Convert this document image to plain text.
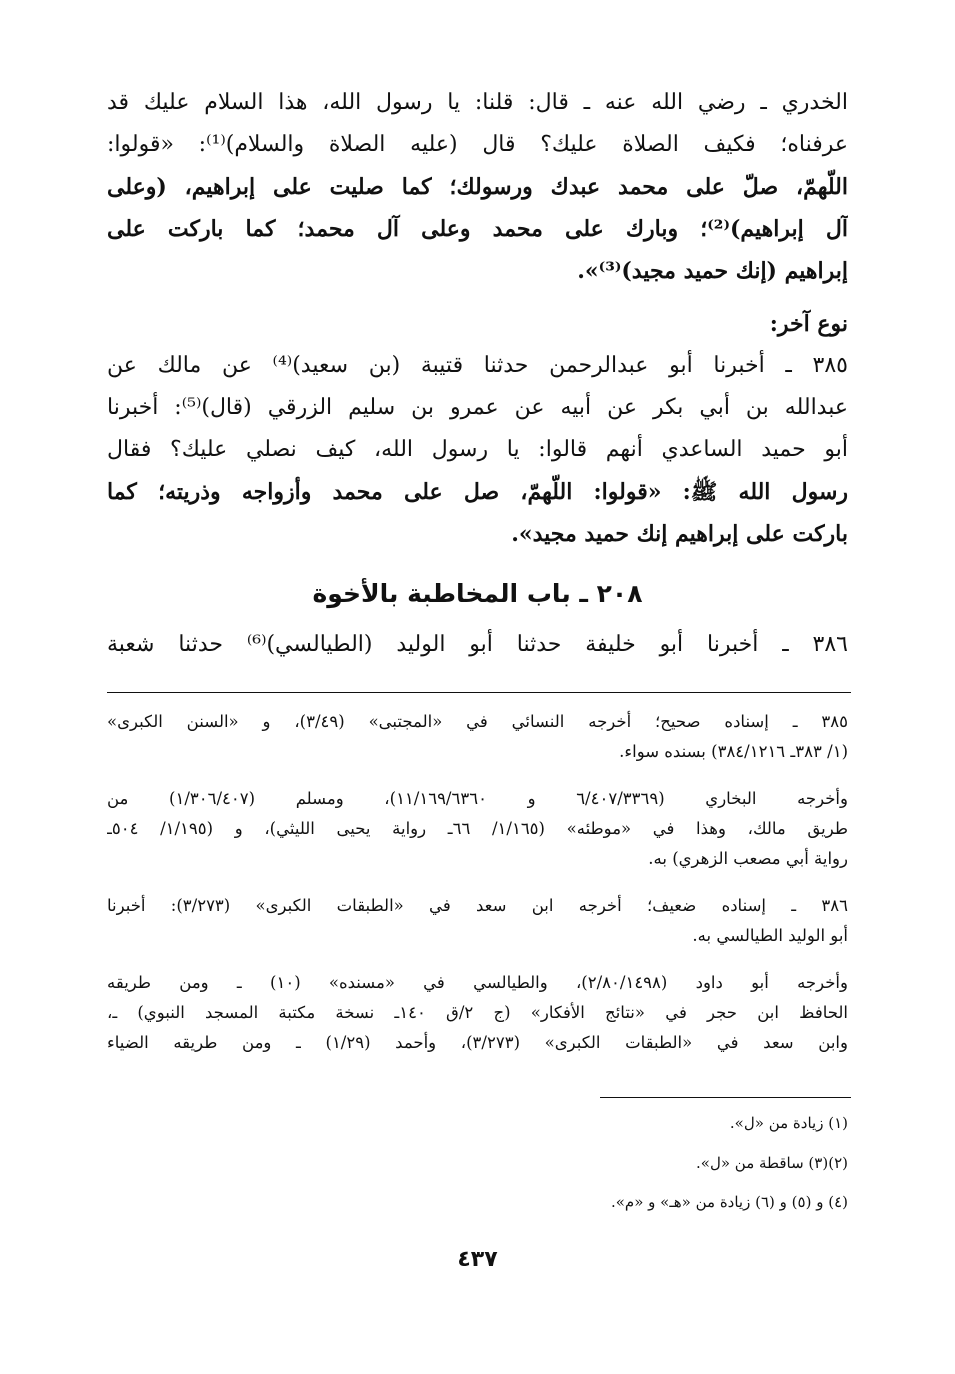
الخدري ـ رضي الله عنه ـ قال: قلنا: يا رسول الله، هذا السلام عليك قد
عرفناه؛ فكيف الصلاة عليك؟ قال (عليه الصلاة والسلام)⁽¹⁾: «قولوا:
اللّهمّ، صلّ على محمد عبدك ورسولك؛ كما صليت على إبراهيم، (وعلى
آل إبراهيم)⁽²⁾؛ وبارك على محمد وعلى آل محمد؛ كما باركت على
إبراهيم (إنك حميد مجيد)⁽³⁾».
نوع آخر:
٣٨٥ ـ أخبرنا أبو عبدالرحمن حدثنا قتيبة (بن سعيد)⁽⁴⁾ عن مالك عن
عبدالله بن أبي بكر عن أبيه عن عمرو بن سليم الزرقي (قال)⁽⁵⁾: أخبرنا
أبو حميد الساعدي أنهم قالوا: يا رسول الله، كيف نصلي عليك؟ فقال
رسول الله ﷺ: «قولوا: اللّهمّ، صل على محمد وأزواجه وذريته؛ كما
باركت على إبراهيم إنك حميد مجيد».
٢٠٨ ـ باب المخاطبة بالأخوة
٣٨٦ ـ أخبرنا أبو خليفة حدثنا أبو الوليد (الطيالسي)⁽⁶⁾ حدثنا شعبة
٣٨٥ ـ إسناده صحيح؛ أخرجه النسائي في «المجتبى» (٣/٤٩)، و «السنن الكبرى»
(١/ ٣٨٣ـ ٣٨٤/١٢١٦) بسنده سواء.
وأخرجه البخاري (٦/٤٠٧/٣٣٦٩ و ١١/١٦٩/٦٣٦٠)، ومسلم (١/٣٠٦/٤٠٧) من
طريق مالك، وهذا في «موطئه» (١/١٦٥/ ٦٦ـ رواية يحيى الليثي)، و (١/١٩٥/ ٥٠٤ـ
رواية أبي مصعب الزهري) به.
٣٨٦ ـ إسناده ضعيف؛ أخرجه ابن سعد في «الطبقات الكبرى» (٣/٢٧٣): أخبرنا
أبو الوليد الطيالسي به.
وأخرجه أبو داود (٢/٨٠/١٤٩٨)، والطيالسي في «مسنده» (١٠) ـ ومن طريقه
الحافظ ابن حجر في «نتائج الأفكار» (ج ٢/ق ١٤٠ـ نسخة مكتبة المسجد النبوي) ـ،
وابن سعد في «الطبقات الكبرى» (٣/٢٧٣)، وأحمد (١/٢٩) ـ ومن طريقه الضياء
(١) زيادة من «ل».
(٢)(٣) ساقطة من «ل».
(٤) و (٥) و (٦) زيادة من «هـ» و «م».
٤٣٧
